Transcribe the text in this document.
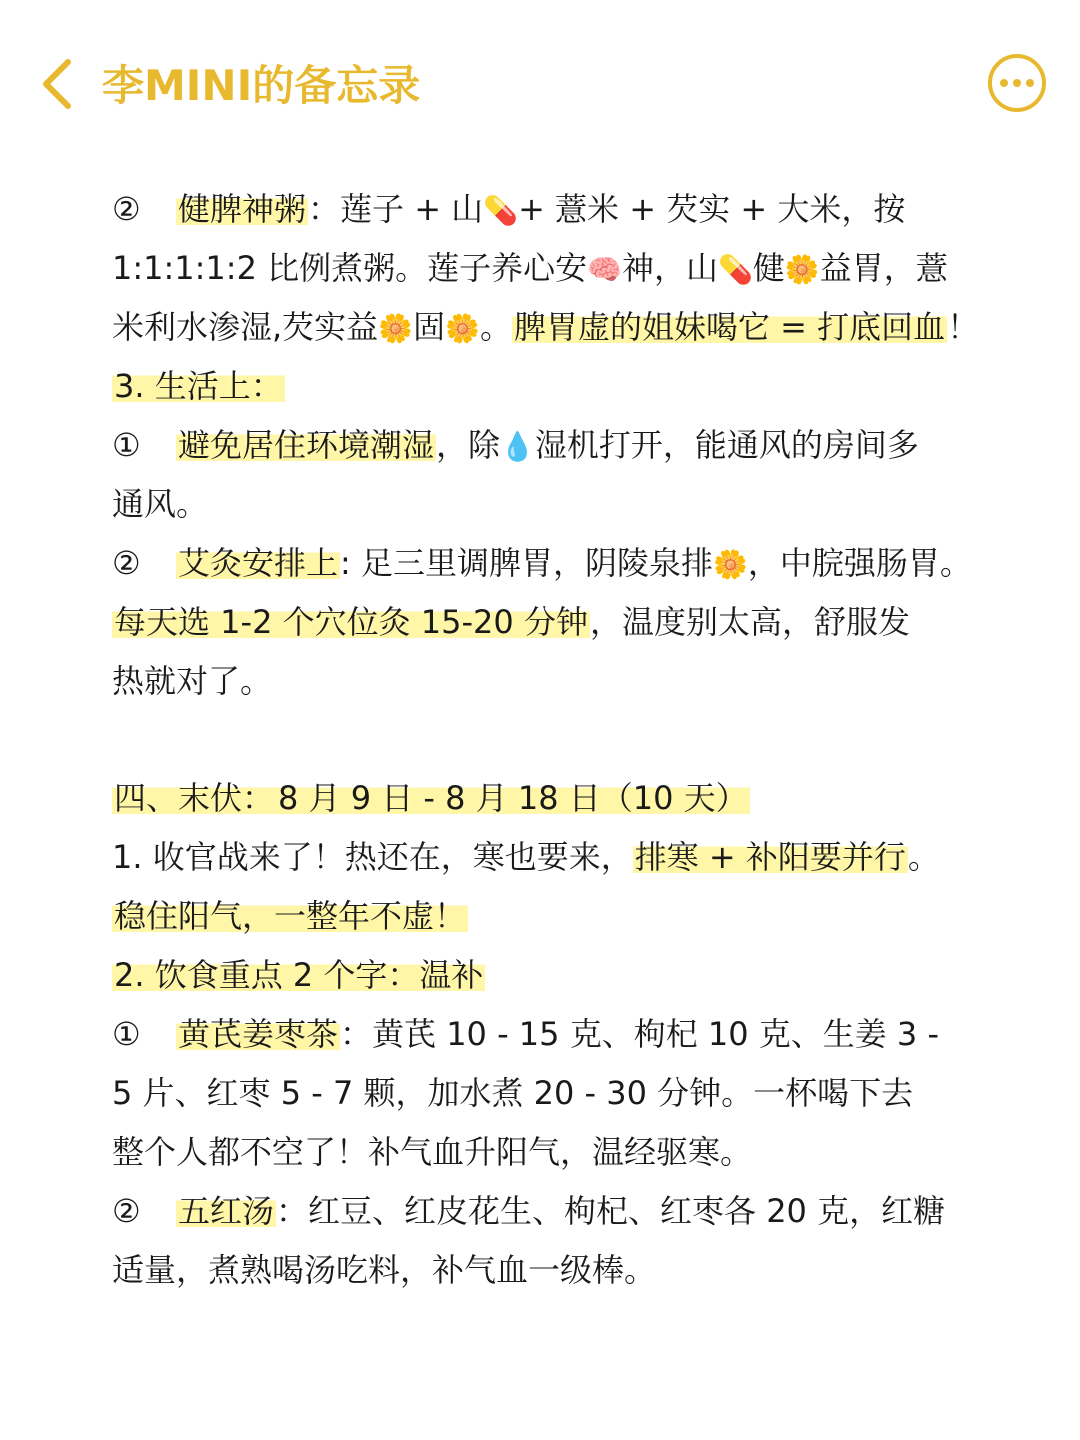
李MINI的备忘录
② 健脾神粥：莲子 + 山💊+ 薏米 + 芡实 + 大米，按
1:1:1:1:2 比例煮粥。莲子养心安🧠神，山💊健🌼益胃，薏
米利水渗湿,芡实益🌼固🌼。脾胃虚的姐妹喝它 = 打底回血！
3. 生活上：
① 避免居住环境潮湿，除💧湿机打开，能通风的房间多
通风。
② 艾灸安排上: 足三里调脾胃，阴陵泉排🌼，中脘强肠胃。
每天选 1-2 个穴位灸 15-20 分钟，温度别太高，舒服发
热就对了。
四、末伏： 8 月 9 日 - 8 月 18 日（10 天）
1. 收官战来了！热还在，寒也要来，排寒 + 补阳要并行。
稳住阳气，一整年不虚！
2. 饮食重点 2 个字：温补
① 黄芪姜枣茶：黄芪 10 - 15 克、枸杞 10 克、生姜 3 -
5 片、红枣 5 - 7 颗，加水煮 20 - 30 分钟。一杯喝下去
整个人都不空了！补气血升阳气，温经驱寒。
② 五红汤：红豆、红皮花生、枸杞、红枣各 20 克，红糖
适量，煮熟喝汤吃料，补气血一级棒。
